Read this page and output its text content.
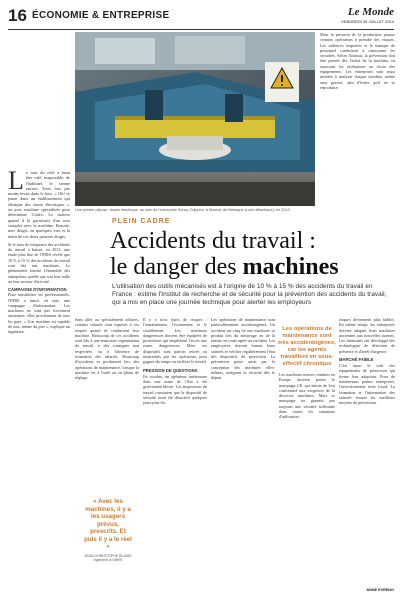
16 ÉCONOMIE & ENTREPRISE	Le Monde
VENDREDI 25 JUILLET 2014

Le tour du côté a beau être calé, impossible, de l'habituel, le sienne encore. Trois fois par moins levait dans le bois. « Oh! ce jeune dans un établissement qui fabrique des stores électriques », on avec machine spécialisée pour déterminer l'ordre. Le moteur quand il la garnissait d'un tour complet avec la machine. Ensuite, mes doigts, en quelques vies et la main de ces deux pauvres doigts.

Si le taux de fréquence des accidents du travail a baissé, en 2013, une étude plus fine de l'INRS révèle que 10 % à 15 % des accidents de travail sont liés aux machines. Le phénomène touche l'ensemble des entreprises, quelle que soit leur taille ou leur secteur d'activité.

CAMPAGNE D'INFORMATION

Pour sensibiliser les professionnels, l'INRS a lancé, en mai, une campagne d'information. Les machines ne sont pas forcément anciennes, elles proviennent de tous les pays. « Une machine est capable de tout, même du pire », explique un ingénieur.

Une presse plieuse, dopée électrique, au sein de l'entreprise Schey-Tolippiot, à Montoir-de-Bretagne (Loire-Atlantique), en 2013.
Mais la pression de la production pousse certains opérateurs à prendre des risques. Les cadences imposées et le manque de personnel conduisent à contourner les sécurités. Selon l'institut, la prévention doit être pensée dès l'achat de la machine, en associant les utilisateurs au choix des équipements. Les entreprises sont aussi invitées à analyser chaque incident, même sans gravité, afin d'éviter qu'il ne se reproduise.
PLEIN CADRE
Accidents du travail :
le danger des machines
L'utilisation des outils mécanisés est à l'origine de 10 % à 15 % des accidents du travail en France : estime l'Institut de recherche et de sécurité pour la prévention des accidents du travail, qui a mis en place une journée technique pour alerter les employeurs

Sans aller au spécialement affaires, certains salariés sont exposés à ces risques quand ils conduisent leur machine. Beaucoup de ces accidents sont liés à une mauvaise organisation du travail, à des consignes non respectées ou à l'absence de formation des salariés. Beaucoup d'accidents se produisent lors des opérations de maintenance, lorsque la machine est à l'arrêt ou en phase de réglage.

« Avec les machines, il y a les usagers prévus, prescrits. Et puis il y a le réel »
JEAN-CHRISTOPHE BLAISE ingénieur à l'INRS

Il y a trois types de risques : l'entraînement, l'écrasement et le cisaillement. Les machines dangereuses doivent être équipées de protecteurs qui empêchent l'accès aux zones dangereuses. Mais ces dispositifs sont parfois retirés ou neutralisés par les opérateurs pour gagner du temps ou faciliter le travail.

PRESSION DE QUESTIONS

En octobre, un opérateur intérimaire dans une usine de l'Ain a été grièvement blessé. Les inspecteurs du travail constatent que le dispositif de sécurité avait été désactivé quelques jours plus tôt.

Les opérations de maintenance sont particulièrement accidentogènes. Un accident sur cinq lié aux machines se produit lors du nettoyage ou de la remise en route après un incident. Les employeurs doivent former leurs salariés et vérifier régulièrement l'état des dispositifs de protection. La prévention passe aussi par la conception des machines elles-mêmes, intégrant la sécurité dès le départ.

Les opérations de maintenance sont très accidentogènes, car les agents travaillent en sous-effectif chronique

Les machines neuves vendues en Europe doivent porter le marquage CE, qui atteste de leur conformité aux exigences de la directive machines. Mais ce marquage ne garantit pas toujours une sécurité suffisante dans toutes les situations d'utilisation.

risques deviennent plus faibles. En même temps, les entreprises doivent adapter leurs machines anciennes aux nouvelles normes. Les fabricants ont développé des technologies de détection de présence et d'arrêt d'urgence.

MARCHÉ FAIBLE

C'est aussi le coût des équipements de protection qui freine leur adoption. Pour de nombreuses petites entreprises, l'investissement reste lourd. La formation et l'information des salariés restent les meilleurs moyens de prévention.

ANNE EVEENO
